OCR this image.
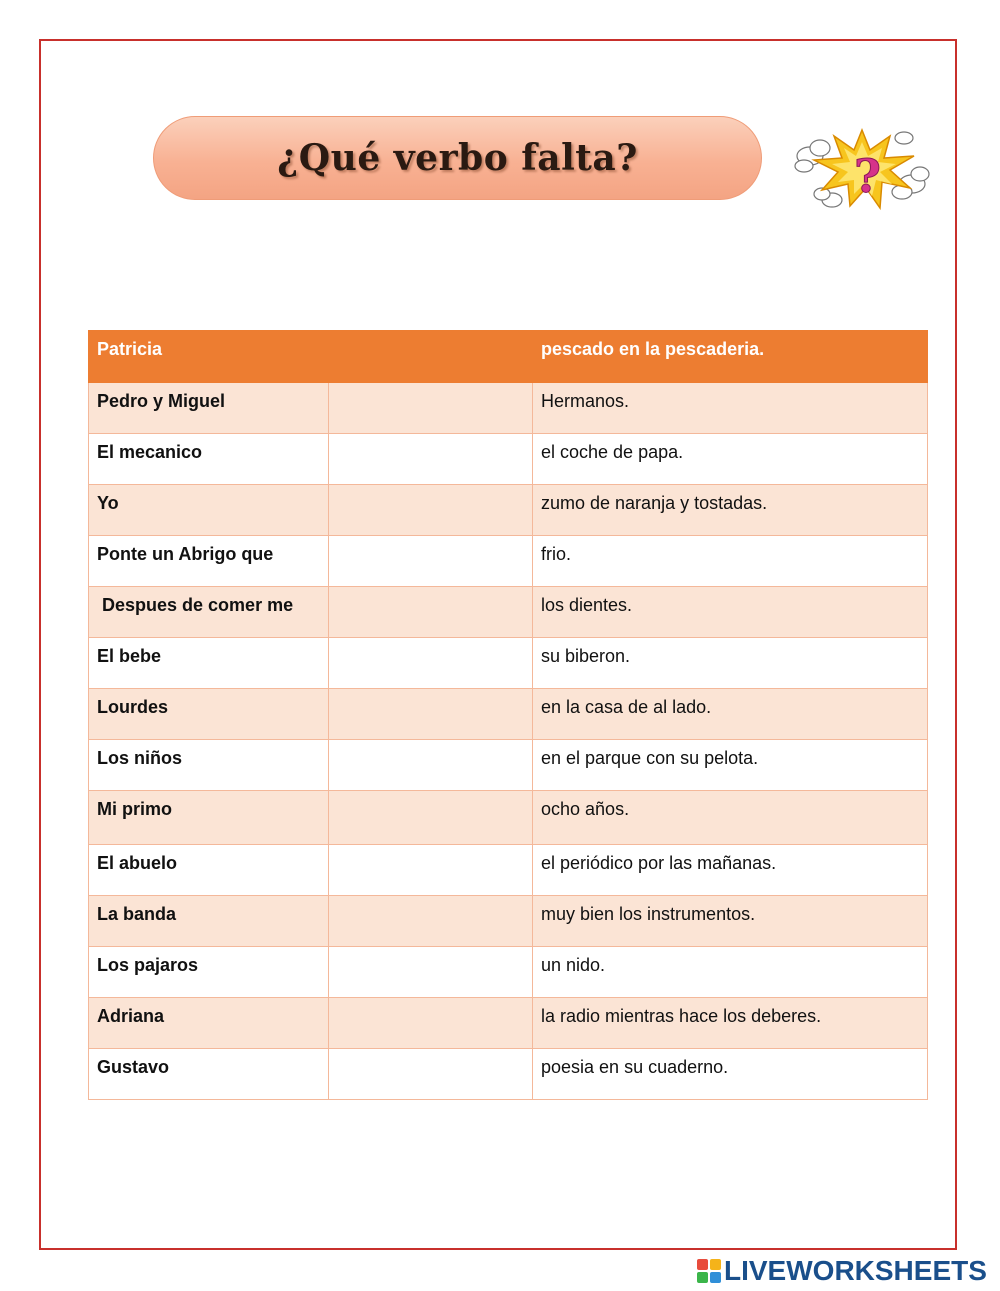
¿Qué verbo falta?	?
Patricia		pescado en la pescaderia.
Pedro y Miguel		Hermanos.
El mecanico		el coche de papa.
Yo		zumo de naranja y tostadas.
Ponte un Abrigo que		frio.
Despues de comer me		los dientes.
El bebe		su biberon.
Lourdes		en la casa de al lado.
Los niños		en el parque con su pelota.
Mi primo		ocho años.
El abuelo		el periódico por las mañanas.
La banda		muy bien los instrumentos.
Los pajaros		un nido.
Adriana		la radio mientras hace los deberes.
Gustavo		poesia en su cuaderno.
LIVEWORKSHEETS
